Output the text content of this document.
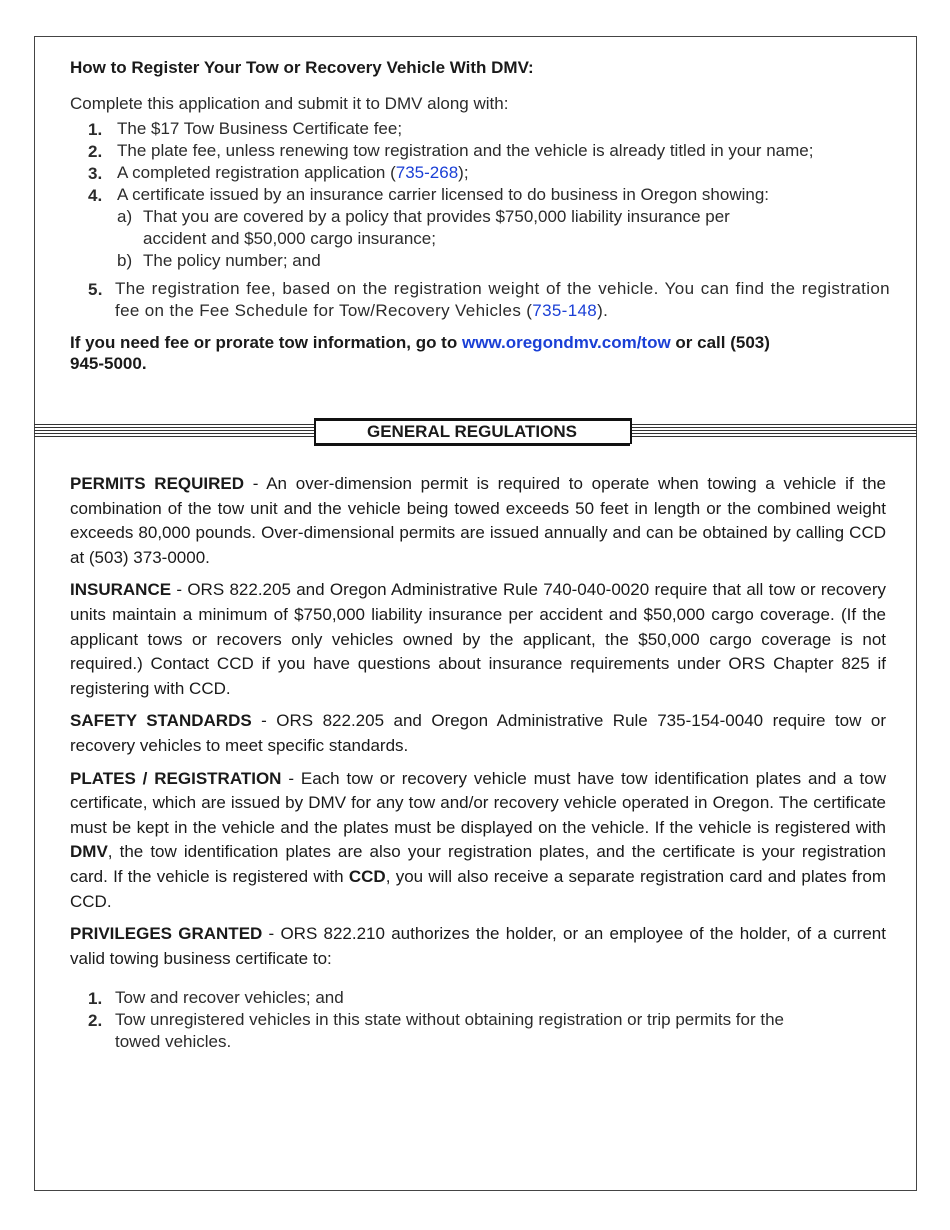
How to Register Your Tow or Recovery Vehicle With DMV:

Complete this application and submit it to DMV along with:

1. The $17 Tow Business Certificate fee;
2. The plate fee, unless renewing tow registration and the vehicle is already titled in your name;
3. A completed registration application (735-268);
4. A certificate issued by an insurance carrier licensed to do business in Oregon showing:
a) That you are covered by a policy that provides $750,000 liability insurance per accident and $50,000 cargo insurance;
b) The policy number; and
5. The registration fee, based on the registration weight of the vehicle. You can find the registration fee on the Fee Schedule for Tow/Recovery Vehicles (735-148).
If you need fee or prorate tow information, go to www.oregondmv.com/tow or call (503) 945-5000.
GENERAL REGULATIONS

PERMITS REQUIRED - An over-dimension permit is required to operate when towing a vehicle if the combination of the tow unit and the vehicle being towed exceeds 50 feet in length or the combined weight exceeds 80,000 pounds. Over-dimensional permits are issued annually and can be obtained by calling CCD at (503) 373-0000.

INSURANCE - ORS 822.205 and Oregon Administrative Rule 740-040-0020 require that all tow or recovery units maintain a minimum of $750,000 liability insurance per accident and $50,000 cargo coverage. (If the applicant tows or recovers only vehicles owned by the applicant, the $50,000 cargo coverage is not required.) Contact CCD if you have questions about insurance requirements under ORS Chapter 825 if registering with CCD.

SAFETY STANDARDS - ORS 822.205 and Oregon Administrative Rule 735-154-0040 require tow or recovery vehicles to meet specific standards.

PLATES / REGISTRATION - Each tow or recovery vehicle must have tow identification plates and a tow certificate, which are issued by DMV for any tow and/or recovery vehicle operated in Oregon. The certificate must be kept in the vehicle and the plates must be displayed on the vehicle. If the vehicle is registered with DMV, the tow identification plates are also your registration plates, and the certificate is your registration card. If the vehicle is registered with CCD, you will also receive a separate registration card and plates from CCD.

PRIVILEGES GRANTED - ORS 822.210 authorizes the holder, or an employee of the holder, of a current valid towing business certificate to:

1. Tow and recover vehicles; and
2. Tow unregistered vehicles in this state without obtaining registration or trip permits for the towed vehicles.
